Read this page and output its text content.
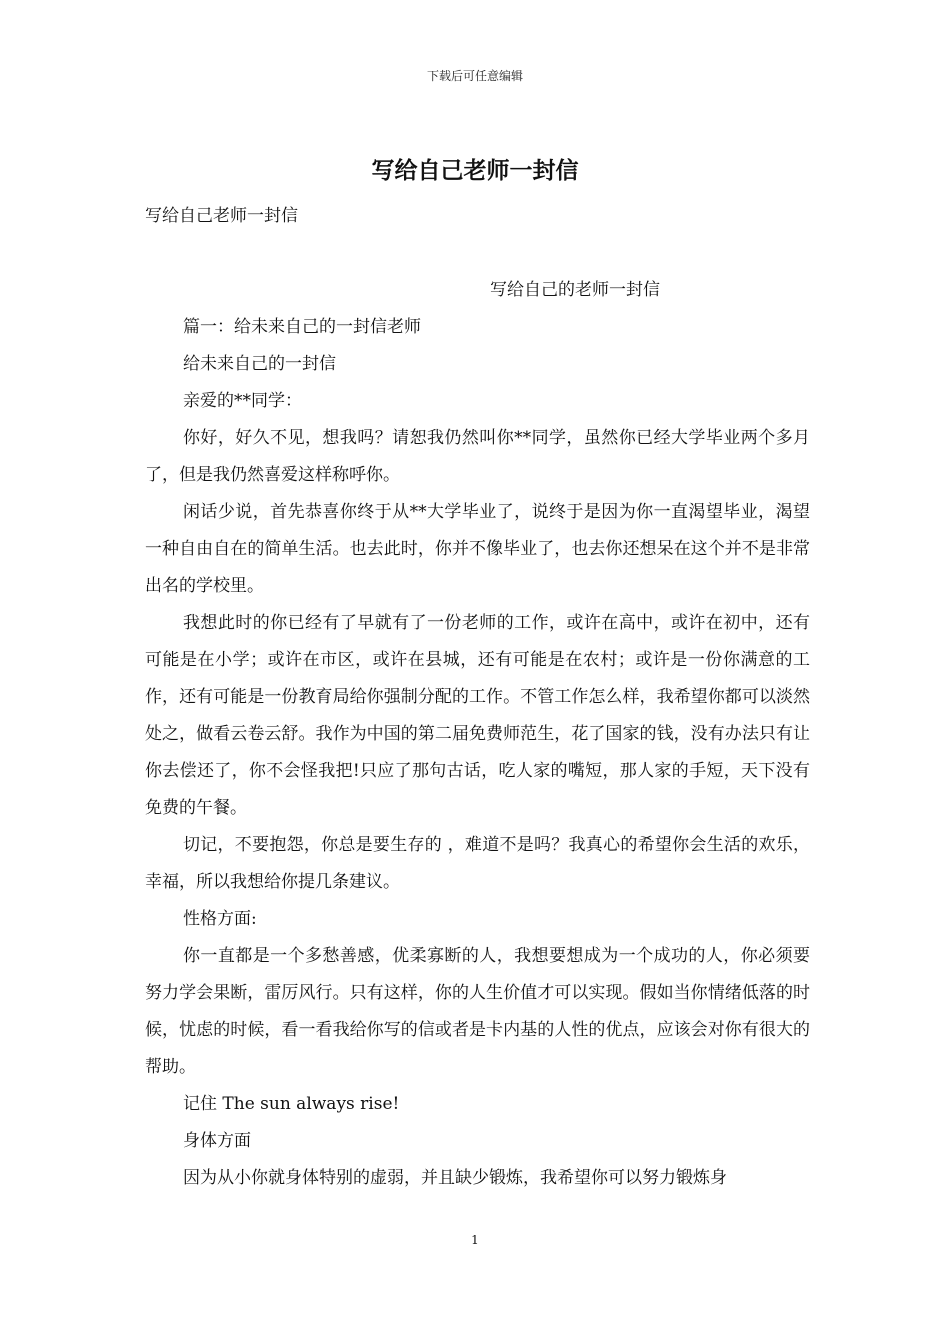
下载后可任意编辑
写给自己老师一封信

写给自己老师一封信

写给自己的老师一封信

篇一：给未来自己的一封信老师

给未来自己的一封信

亲爱的**同学：

你好，好久不见，想我吗？请恕我仍然叫你**同学，虽然你已经大学毕业两个多月了，但是我仍然喜爱这样称呼你。

闲话少说，首先恭喜你终于从**大学毕业了，说终于是因为你一直渴望毕业，渴望一种自由自在的简单生活。也去此时，你并不像毕业了，也去你还想呆在这个并不是非常出名的学校里。

我想此时的你已经有了早就有了一份老师的工作，或许在高中，或许在初中，还有可能是在小学；或许在市区，或许在县城，还有可能是在农村；或许是一份你满意的工作，还有可能是一份教育局给你强制分配的工作。不管工作怎么样，我希望你都可以淡然处之，做看云卷云舒。我作为中国的第二届免费师范生，花了国家的钱，没有办法只有让你去偿还了，你不会怪我把!只应了那句古话，吃人家的嘴短，那人家的手短，天下没有免费的午餐。

切记，不要抱怨，你总是要生存的 ，难道不是吗？我真心的希望你会生活的欢乐，幸福，所以我想给你提几条建议。

性格方面:

你一直都是一个多愁善感，优柔寡断的人，我想要想成为一个成功的人，你必须要努力学会果断，雷厉风行。只有这样，你的人生价值才可以实现。假如当你情绪低落的时候，忧虑的时候，看一看我给你写的信或者是卡内基的人性的优点，应该会对你有很大的帮助。

记住 The sun always rise!

身体方面

因为从小你就身体特别的虚弱，并且缺少锻炼，我希望你可以努力锻炼身

1
